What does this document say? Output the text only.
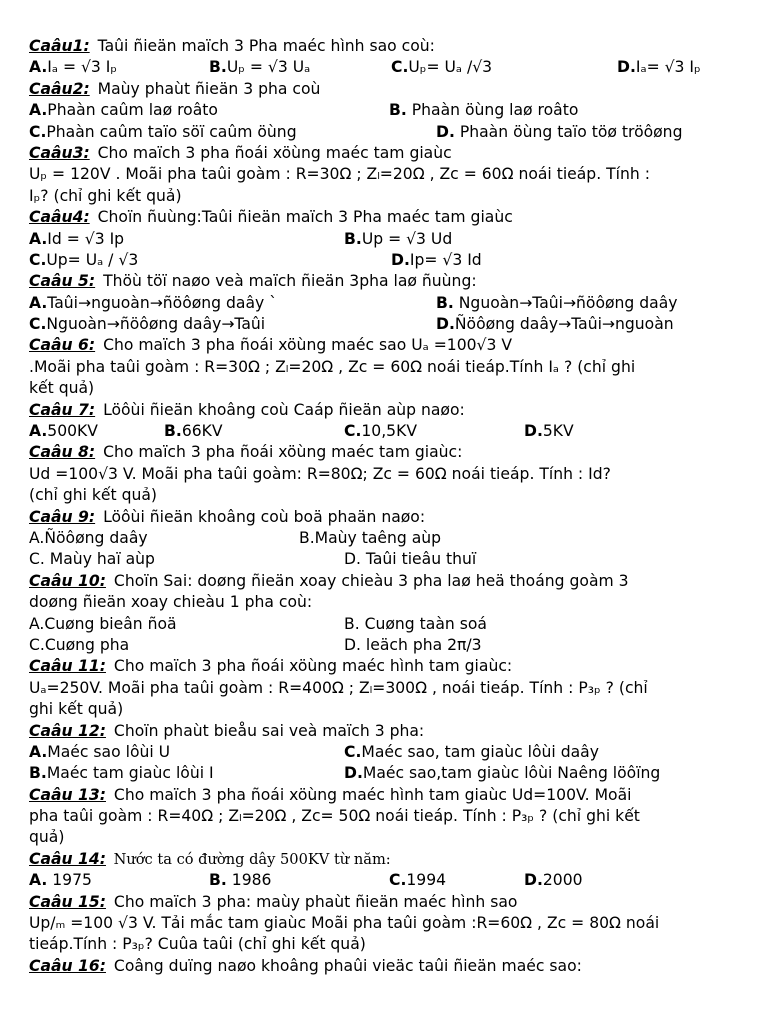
Caâu1: Taûi ñieän maïch 3 Pha maéc hình sao coù:
A.Iₐ = √3 Iₚ	B.Uₚ = √3 Uₐ	C.Uₚ= Uₐ /√3	D.Iₐ= √3 Iₚ
Caâu2: Maùy phaùt ñieän 3 pha coù
A.Phaàn caûm laø roâto	B. Phaàn öùng laø roâto
C.Phaàn caûm taïo söï caûm öùng	D. Phaàn öùng taïo töø tröôøng
Caâu3: Cho maïch 3 pha ñoái xöùng maéc tam giaùc
Uₚ = 120V . Moãi pha taûi goàm : R=30Ω ; Zₗ=20Ω , Zc = 60Ω noái tieáp. Tính :
Iₚ? (chỉ ghi kết quả)
Caâu4: Choïn ñuùng:Taûi ñieän maïch 3 Pha maéc tam giaùc
A.Id = √3 Ip	B.Up = √3 Ud
C.Up= Uₐ / √3	D.Ip= √3 Id
Caâu 5: Thöù töï naøo veà maïch ñieän 3pha laø ñuùng:
A.Taûi→nguoàn→ñöôøng daây `	B. Nguoàn→Taûi→ñöôøng daây
C.Nguoàn→ñöôøng daây→Taûi	D.Ñöôøng daây→Taûi→nguoàn
Caâu 6: Cho maïch 3 pha ñoái xöùng maéc sao Uₐ =100√3 V
.Moãi pha taûi goàm : R=30Ω ; Zₗ=20Ω , Zc = 60Ω noái tieáp.Tính Iₐ ? (chỉ ghi
kết quả)
Caâu 7: Löôùi ñieän khoâng coù Caáp ñieän aùp naøo:
A.500KV	B.66KV	C.10,5KV	D.5KV
Caâu 8: Cho maïch 3 pha ñoái xöùng maéc tam giaùc:
Ud =100√3 V. Moãi pha taûi goàm: R=80Ω; Zc = 60Ω noái tieáp. Tính : Id?
(chỉ ghi kết quả)
Caâu 9: Löôùi ñieän khoâng coù boä phaän naøo:
A.Ñöôøng daây	B.Maùy taêng aùp
C. Maùy haï aùp	D. Taûi tieâu thuï
Caâu 10: Choïn Sai: doøng ñieän xoay chieàu 3 pha laø heä thoáng goàm 3
doøng ñieän xoay chieàu 1 pha coù:
A.Cuøng bieân ñoä	B. Cuøng taàn soá
C.Cuøng pha	D. leäch pha 2π/3
Caâu 11: Cho maïch 3 pha ñoái xöùng maéc hình tam giaùc:
Uₐ=250V. Moãi pha taûi goàm : R=400Ω ; Zₗ=300Ω , noái tieáp. Tính : P₃ₚ ? (chỉ
ghi kết quả)
Caâu 12: Choïn phaùt bieåu sai veà maïch 3 pha:
A.Maéc sao lôùi U	C.Maéc sao, tam giaùc lôùi daây
B.Maéc tam giaùc lôùi I	D.Maéc sao,tam giaùc lôùi Naêng löôïng
Caâu 13: Cho maïch 3 pha ñoái xöùng maéc hình tam giaùc Ud=100V. Moãi
pha taûi goàm : R=40Ω ; Zₗ=20Ω , Zc= 50Ω noái tieáp. Tính : P₃ₚ ? (chỉ ghi kết
quả)
Caâu 14: Nước ta có đường dây 500KV từ năm:
A. 1975	B. 1986	C.1994	D.2000
Caâu 15: Cho maïch 3 pha: maùy phaùt ñieän maéc hình sao
Up/ₘ =100 √3 V. Tải mắc tam giaùc Moãi pha taûi goàm :R=60Ω , Zc = 80Ω noái
tieáp.Tính : P₃ₚ? Cuûa taûi (chỉ ghi kết quả)
Caâu 16: Coâng duïng naøo khoâng phaûi vieäc taûi ñieän maéc sao:
